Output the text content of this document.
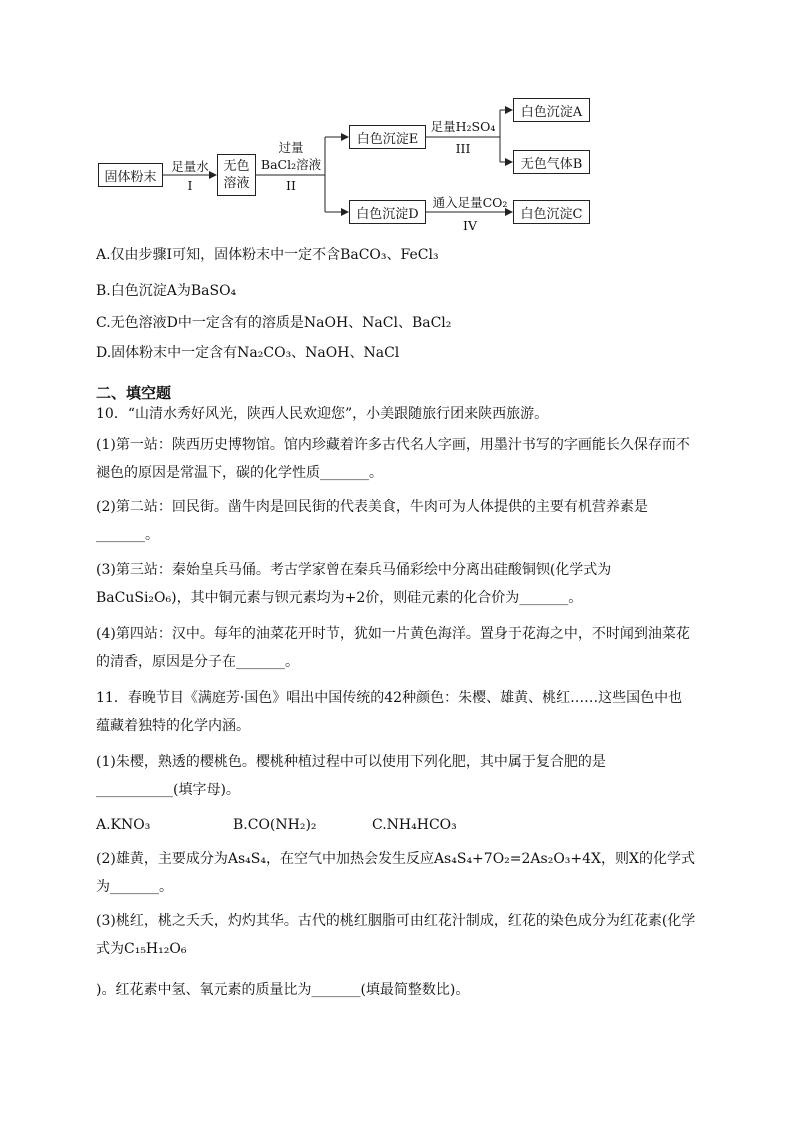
固体粉末
无色
溶液
白色沉淀E
白色沉淀D
白色沉淀A
无色气体B
白色沉淀C
足量水
I
过量
BaCl₂溶液
II
足量H₂SO₄
III
通入足量CO₂
IV
A.仅由步骤I可知，固体粉末中一定不含BaCO₃、FeCl₃
B.白色沉淀A为BaSO₄
C.无色溶液D中一定含有的溶质是NaOH、NaCl、BaCl₂
D.固体粉末中一定含有Na₂CO₃、NaOH、NaCl
二、填空题
10．“山清水秀好风光，陕西人民欢迎您”，小美跟随旅行团来陕西旅游。
(1)第一站：陕西历史博物馆。馆内珍藏着许多古代名人字画，用墨汁书写的字画能长久保存而不褪色的原因是常温下，碳的化学性质_______。
(2)第二站：回民街。凿牛肉是回民街的代表美食，牛肉可为人体提供的主要有机营养素是_______。
(3)第三站：秦始皇兵马俑。考古学家曾在秦兵马俑彩绘中分离出硅酸铜钡(化学式为BaCuSi₂O₆)，其中铜元素与钡元素均为+2价，则硅元素的化合价为_______。
(4)第四站：汉中。每年的油菜花开时节，犹如一片黄色海洋。置身于花海之中，不时闻到油菜花的清香，原因是分子在_______。
11．春晚节目《满庭芳·国色》唱出中国传统的42种颜色：朱樱、雄黄、桃红……这些国色中也蕴藏着独特的化学内涵。
(1)朱樱，熟透的樱桃色。樱桃种植过程中可以使用下列化肥，其中属于复合肥的是___________(填字母)。
A.KNO₃	B.CO(NH₂)₂	C.NH₄HCO₃
(2)雄黄，主要成分为As₄S₄，在空气中加热会发生反应As₄S₄+7O₂=2As₂O₃+4X，则X的化学式为_______。
(3)桃红，桃之夭夭，灼灼其华。古代的桃红胭脂可由红花汁制成，红花的染色成分为红花素(化学式为C₁₅H₁₂O₆
)。红花素中氢、氧元素的质量比为_______(填最简整数比)。
